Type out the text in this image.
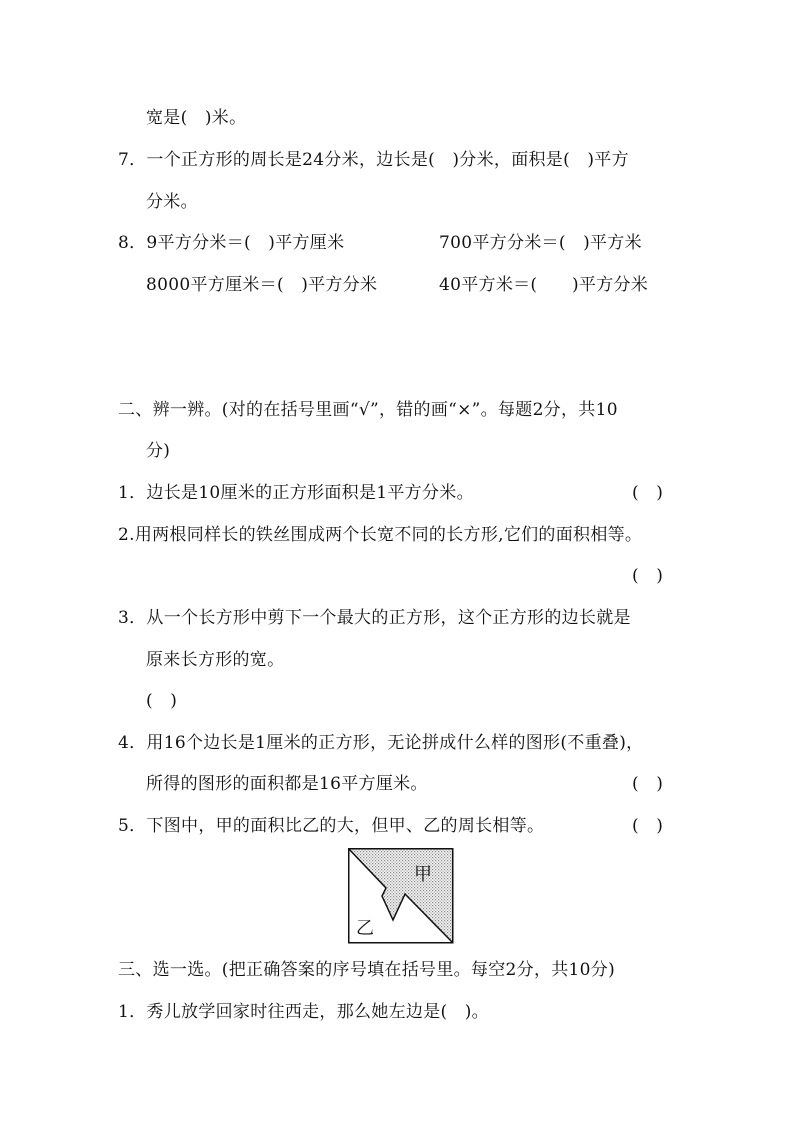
宽是(　)米。
7．一个正方形的周长是24分米，边长是(　)分米，面积是(　)平方
分米。
8．9平方分米＝(　)平方厘米	700平方分米＝(　)平方米
8000平方厘米＝(　)平方分米	40平方米＝(　　)平方分米
二、辨一辨。(对的在括号里画“√”，错的画“×”。每题2分，共10
分)
1．边长是10厘米的正方形面积是1平方分米。	(　)
2.用两根同样长的铁丝围成两个长宽不同的长方形,它们的面积相等。
(　)
3．从一个长方形中剪下一个最大的正方形，这个正方形的边长就是
原来长方形的宽。
(　)
4．用16个边长是1厘米的正方形，无论拼成什么样的图形(不重叠)，
所得的图形的面积都是16平方厘米。	(　)
5．下图中，甲的面积比乙的大，但甲、乙的周长相等。	(　)
甲
乙
三、选一选。(把正确答案的序号填在括号里。每空2分，共10分)
1．秀儿放学回家时往西走，那么她左边是(　)。
